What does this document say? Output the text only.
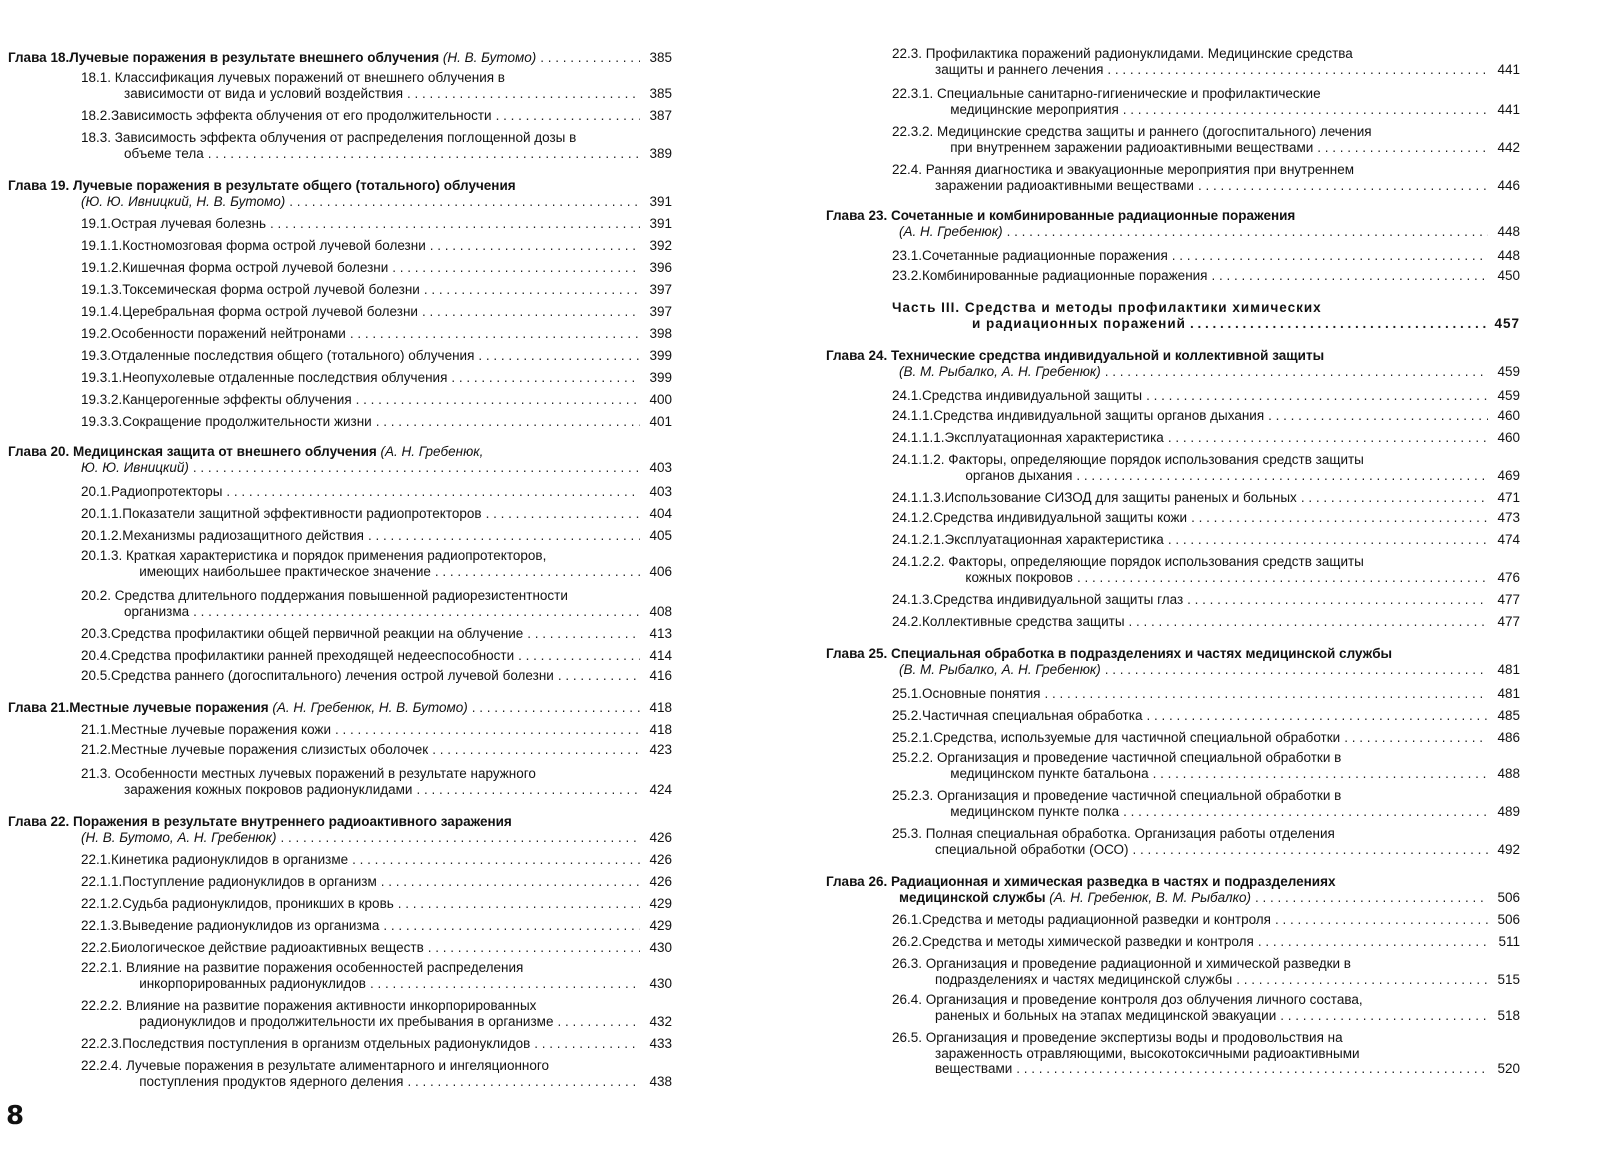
Глава 18. Лучевые поражения в результате внешнего облучения (Н. В. Бутомо) . . .	385
18.1. Классификация лучевых поражений от внешнего облучения в
зависимости от вида и условий воздействия . . .	385
18.2. Зависимость эффекта облучения от его продолжительности . . .	387
18.3. Зависимость эффекта облучения от распределения поглощенной дозы в
объеме тела . . .	389
Глава 19. Лучевые поражения в результате общего (тотального) облучения
(Ю. Ю. Ивницкий, Н. В. Бутомо) . . .	391
19.1. Острая лучевая болезнь . . .	391
19.1.1. Костномозговая форма острой лучевой болезни . . .	392
19.1.2. Кишечная форма острой лучевой болезни . . .	396
19.1.3. Токсемическая форма острой лучевой болезни . . .	397
19.1.4. Церебральная форма острой лучевой болезни . . .	397
19.2. Особенности поражений нейтронами . . .	398
19.3. Отдаленные последствия общего (тотального) облучения . . .	399
19.3.1. Неопухолевые отдаленные последствия облучения . . .	399
19.3.2. Канцерогенные эффекты облучения . . .	400
19.3.3. Сокращение продолжительности жизни . . .	401
Глава 20. Медицинская защита от внешнего облучения (А. Н. Гребенюк,
Ю. Ю. Ивницкий) . . .	403
20.1. Радиопротекторы . . .	403
20.1.1. Показатели защитной эффективности радиопротекторов . . .	404
20.1.2. Механизмы радиозащитного действия . . .	405
20.1.3. Краткая характеристика и порядок применения радиопротекторов,
имеющих наибольшее практическое значение . . .	406
20.2. Средства длительного поддержания повышенной радиорезистентности
организма . . .	408
20.3. Средства профилактики общей первичной реакции на облучение . . .	413
20.4. Средства профилактики ранней преходящей недееспособности . . .	414
20.5. Средства раннего (догоспитального) лечения острой лучевой болезни . . .	416
Глава 21. Местные лучевые поражения (А. Н. Гребенюк, Н. В. Бутомо) . . .	418
21.1. Местные лучевые поражения кожи . . .	418
21.2. Местные лучевые поражения слизистых оболочек . . .	423
21.3. Особенности местных лучевых поражений в результате наружного
заражения кожных покровов радионуклидами . . .	424
Глава 22. Поражения в результате внутреннего радиоактивного заражения
(Н. В. Бутомо, А. Н. Гребенюк) . . .	426
22.1. Кинетика радионуклидов в организме . . .	426
22.1.1. Поступление радионуклидов в организм . . .	426
22.1.2. Судьба радионуклидов, проникших в кровь . . .	429
22.1.3. Выведение радионуклидов из организма . . .	429
22.2. Биологическое действие радиоактивных веществ . . .	430
22.2.1. Влияние на развитие поражения особенностей распределения
инкорпорированных радионуклидов . . .	430
22.2.2. Влияние на развитие поражения активности инкорпорированных
радионуклидов и продолжительности их пребывания в организме . . .	432
22.2.3. Последствия поступления в организм отдельных радионуклидов . . .	433
22.2.4. Лучевые поражения в результате алиментарного и ингеляционного
поступления продуктов ядерного деления . . .	438
22.3. Профилактика поражений радионуклидами. Медицинские средства
защиты и раннего лечения . . .	441
22.3.1. Специальные санитарно-гигиенические и профилактические
медицинские мероприятия . . .	441
22.3.2. Медицинские средства защиты и раннего (догоспитального) лечения
при внутреннем заражении радиоактивными веществами . . .	442
22.4. Ранняя диагностика и эвакуационные мероприятия при внутреннем
заражении радиоактивными веществами . . .	446
Глава 23. Сочетанные и комбинированные радиационные поражения
(А. Н. Гребенюк) . . .	448
23.1. Сочетанные радиационные поражения . . .	448
23.2. Комбинированные радиационные поражения . . .	450
Часть III. Средства и методы профилактики химических
и радиационных поражений . . .	457
Глава 24. Технические средства индивидуальной и коллективной защиты
(В. М. Рыбалко, А. Н. Гребенюк) . . .	459
24.1. Средства индивидуальной защиты . . .	459
24.1.1. Средства индивидуальной защиты органов дыхания . . .	460
24.1.1.1. Эксплуатационная характеристика . . .	460
24.1.1.2. Факторы, определяющие порядок использования средств защиты
органов дыхания . . .	469
24.1.1.3. Использование СИЗОД для защиты раненых и больных . . .	471
24.1.2. Средства индивидуальной защиты кожи . . .	473
24.1.2.1. Эксплуатационная характеристика . . .	474
24.1.2.2. Факторы, определяющие порядок использования средств защиты
кожных покровов . . .	476
24.1.3. Средства индивидуальной защиты глаз . . .	477
24.2. Коллективные средства защиты . . .	477
Глава 25. Специальная обработка в подразделениях и частях медицинской службы
(В. М. Рыбалко, А. Н. Гребенюк) . . .	481
25.1. Основные понятия . . .	481
25.2. Частичная специальная обработка . . .	485
25.2.1. Средства, используемые для частичной специальной обработки . . .	486
25.2.2. Организация и проведение частичной специальной обработки в
медицинском пункте батальона . . .	488
25.2.3. Организация и проведение частичной специальной обработки в
медицинском пункте полка . . .	489
25.3. Полная специальная обработка. Организация работы отделения
специальной обработки (ОСО) . . .	492
Глава 26. Радиационная и химическая разведка в частях и подразделениях
медицинской службы (А. Н. Гребенюк, В. М. Рыбалко) . . .	506
26.1. Средства и методы радиационной разведки и контроля . . .	506
26.2. Средства и методы химической разведки и контроля . . .	511
26.3. Организация и проведение радиационной и химической разведки в
подразделениях и частях медицинской службы . . .	515
26.4. Организация и проведение контроля доз облучения личного состава,
раненых и больных на этапах медицинской эвакуации . . .	518
26.5. Организация и проведение экспертизы воды и продовольствия на
зараженность отравляющими, высокотоксичными радиоактивными
веществами . . .	520
8
